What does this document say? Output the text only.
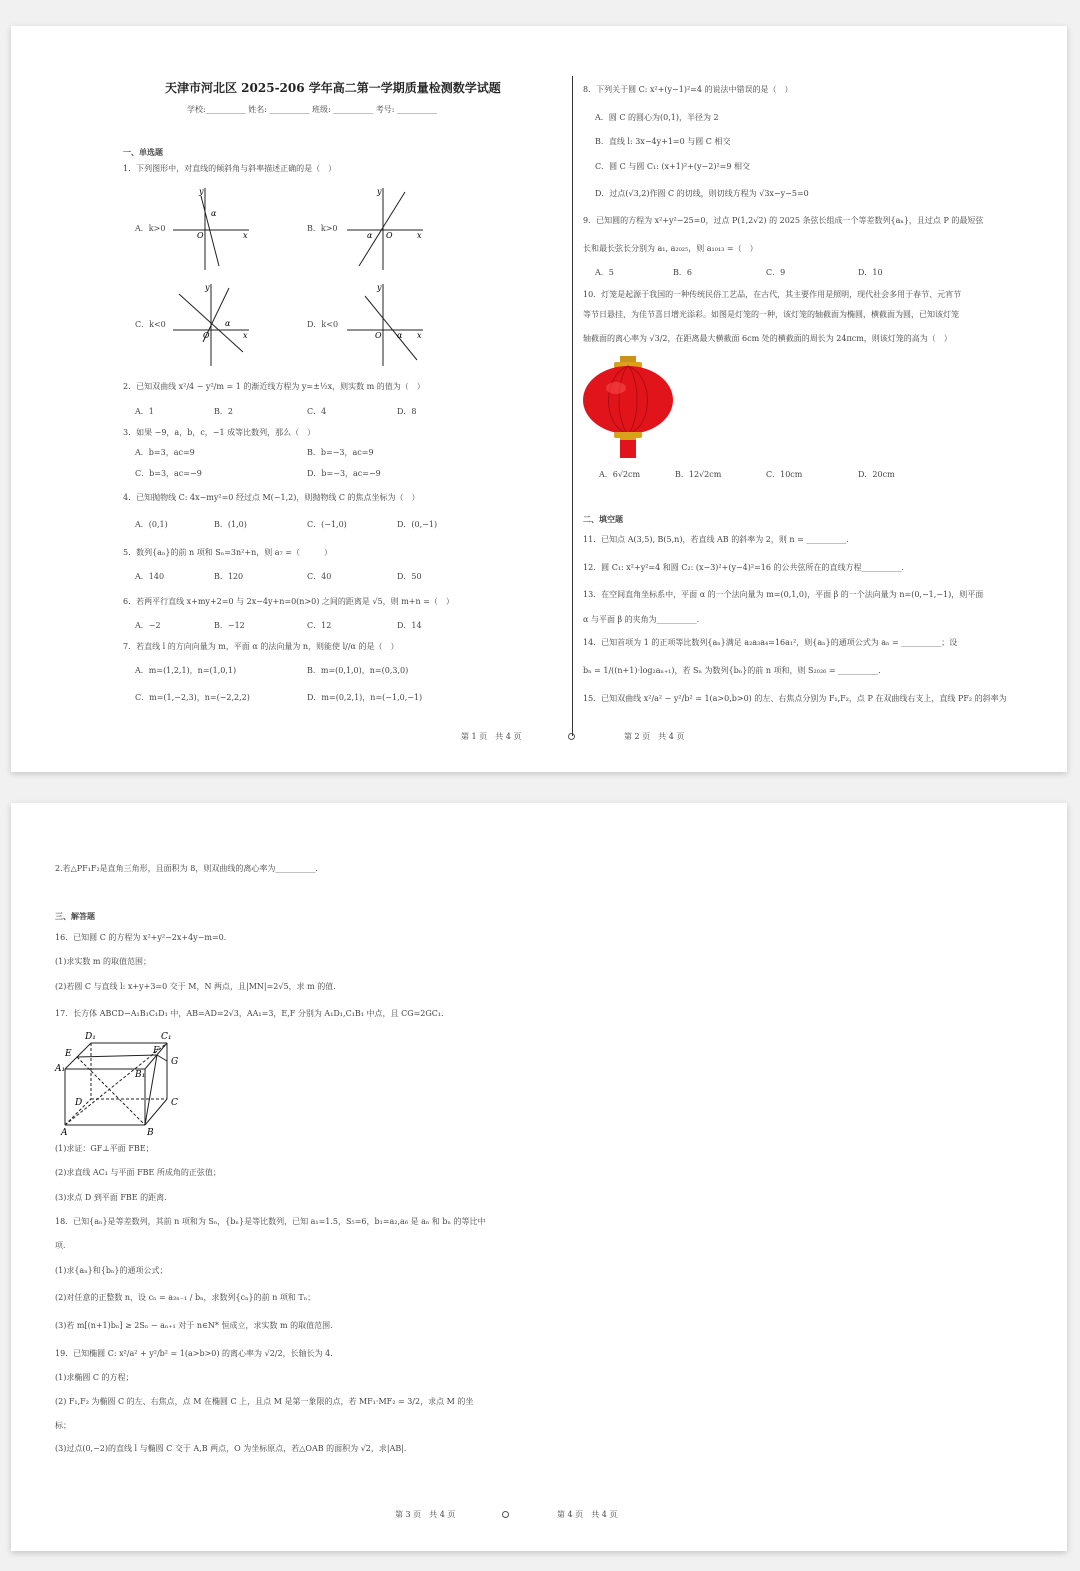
天津市河北区 2025-206 学年高二第一学期质量检测数学试题
学校:__________ 姓名: __________ 班级: __________ 考号: __________
一、单选题
1．下列图形中，对直线的倾斜角与斜率描述正确的是（　）
A．k>0
x
y
O
α
B．k>0
x
y
O
α
C．k<0
x
y
O
α	D．k<0
x
y
O α
2．已知双曲线 x²/4 − y²/m = 1 的渐近线方程为 y=±½x，则实数 m 的值为（　）
A．1	B．2	C．4	D．8
3．如果 −9，a，b，c，−1 成等比数列，那么（　）
A．b=3，ac=9	B．b=−3，ac=9
C．b=3，ac=−9	D．b=−3，ac=−9
4．已知抛物线 C: 4x−my²=0 经过点 M(−1,2)，则抛物线 C 的焦点坐标为（　）
A．(0,1)	B．(1,0)	C．(−1,0)	D．(0,−1)
5．数列{aₙ}的前 n 项和 Sₙ=3n²+n，则 a₇ =（　　　）
A．140	B．120	C．40	D．50
6．若两平行直线 x+my+2=0 与 2x−4y+n=0(n>0) 之间的距离是 √5，则 m+n =（　）
A．−2	B．−12	C．12	D．14
7．若直线 l 的方向向量为 m，平面 α 的法向量为 n，则能使 l//α 的是（　）
A．m=(1,2,1)，n=(1,0,1)	B．m=(0,1,0)，n=(0,3,0)
C．m=(1,−2,3)，n=(−2,2,2)	D．m=(0,2,1)，n=(−1,0,−1)
8．下列关于圆 C: x²+(y−1)²=4 的说法中错误的是（　）
A．圆 C 的圆心为(0,1)，半径为 2
B．直线 l: 3x−4y+1=0 与圆 C 相交
C．圆 C 与圆 C₁: (x+1)²+(y−2)²=9 相交
D．过点(√3,2)作圆 C 的切线，则切线方程为 √3x−y−5=0
9．已知圆的方程为 x²+y²−25=0，过点 P(1,2√2) 的 2025 条弦长组成一个等差数列{aₙ}，且过点 P 的最短弦
长和最长弦长分别为 a₁, a₂₀₂₅，则 a₁₀₁₃ =（　）
A．5	B．6	C．9	D．10
10．灯笼是起源于我国的一种传统民俗工艺品，在古代，其主要作用是照明，现代社会多用于春节、元宵节
等节日悬挂，为佳节喜日增光添彩。如图是灯笼的一种，该灯笼的轴截面为椭圆，横截面为圆，已知该灯笼
轴截面的离心率为 √3/2，在距离最大横截面 6cm 处的横截面的周长为 24πcm，则该灯笼的高为（　）
A．6√2cm	B．12√2cm	C．10cm	D．20cm
二、填空题
11．已知点 A(3,5), B(5,n)，若直线 AB 的斜率为 2，则 n = __________．
12．圆 C₁: x²+y²=4 和圆 C₂: (x−3)²+(y−4)²=16 的公共弦所在的直线方程__________．
13．在空间直角坐标系中，平面 α 的一个法向量为 m=(0,1,0)，平面 β 的一个法向量为 n=(0,−1,−1)，则平面
α 与平面 β 的夹角为__________．
14．已知首项为 1 的正项等比数列{aₙ}满足 a₂a₃a₄=16a₁²，则{aₙ}的通项公式为 aₙ = __________；设
bₙ = 1/((n+1)·log₂aₙ₊₁)，若 Sₙ 为数列{bₙ}的前 n 项和，则 S₂₀₂₆ = __________．
15．已知双曲线 x²/a² − y²/b² = 1(a>0,b>0) 的左、右焦点分别为 F₁,F₂，点 P 在双曲线右支上，直线 PF₂ 的斜率为
第 1 页　共 4 页	第 2 页　共 4 页
2.若△PF₁F₂是直角三角形，且面积为 8，则双曲线的离心率为__________．
三、解答题
16．已知圆 C 的方程为 x²+y²−2x+4y−m=0．
(1)求实数 m 的取值范围；
(2)若圆 C 与直线 l: x+y+3=0 交于 M，N 两点，且|MN|=2√5，求 m 的值．
17．长方体 ABCD−A₁B₁C₁D₁ 中，AB=AD=2√3，AA₁=3，E,F 分别为 A₁D₁,C₁B₁ 中点，且 CG=2GC₁．
D₁	C₁
E	F
G
A₁
B₁
D	C
A	B
(1)求证：GF⊥平面 FBE；
(2)求直线 AC₁ 与平面 FBE 所成角的正弦值；
(3)求点 D 到平面 FBE 的距离．
18．已知{aₙ}是等差数列，其前 n 项和为 Sₙ，{bₙ}是等比数列，已知 a₁=1.5，S₅=6，b₁=a₂,a₆ 是 aₙ 和 bₙ 的等比中
项．
(1)求{aₙ}和{bₙ}的通项公式；
(2)对任意的正整数 n，设 cₙ = a₂ₙ₋₁ / bₙ，求数列{cₙ}的前 n 项和 Tₙ；
(3)若 m[(n+1)bₙ] ≥ 2Sₙ − aₙ₊₁ 对于 n∈N* 恒成立，求实数 m 的取值范围．
19．已知椭圆 C: x²/a² + y²/b² = 1(a>b>0) 的离心率为 √2/2，长轴长为 4．
(1)求椭圆 C 的方程；
(2) F₁,F₂ 为椭圆 C 的左、右焦点，点 M 在椭圆 C 上，且点 M 是第一象限的点，若 MF₁·MF₂ = 3/2，求点 M 的坐
标；
(3)过点(0,−2)的直线 l 与椭圆 C 交于 A,B 两点，O 为坐标原点，若△OAB 的面积为 √2，求|AB|．
第 3 页　共 4 页	第 4 页　共 4 页
